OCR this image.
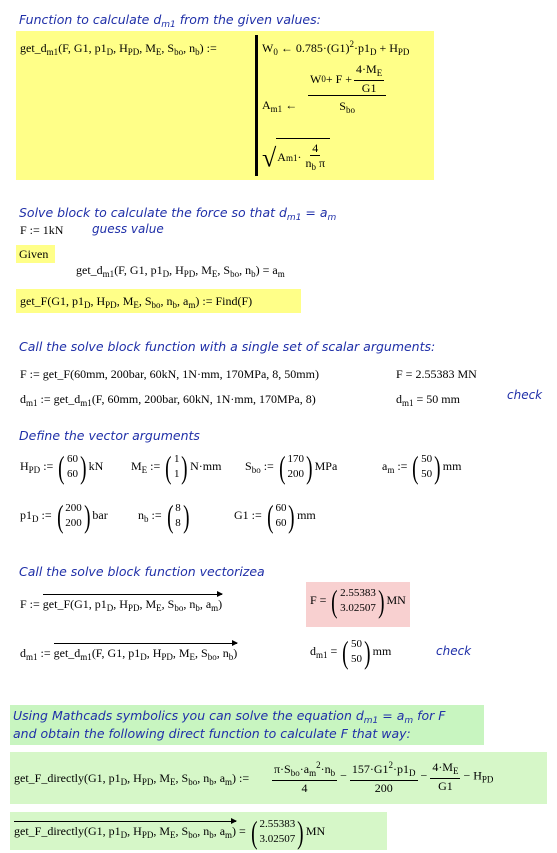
Function to calculate $d_{m1}$ from the given values:
$get\_d_{m1}(F$, G1, $p1_D$, $H_{PD}$, $M_E$, $S_{bo}$, $n_b$) :=	$W_0$ ← $0.785\cdot(G1)^2\cdot p1_D + H_{PD}$
$A_{m1}$ ← $\frac{W 0 + F + \frac{4\cdot M_E}{G1}}{S_{bo}}$
√A $m1 \cdot \frac{4}{n_b \pi}$
Solve block to calculate the force so that $d_{m1} = a_m$
F := 1kN guess value
Given
$get\_d_{m1}(F$, G1, $p1_D$, $H_{PD}$, $M_E$, $S_{bo}$, $n_b) = a_m$
get_F(G1, $p1_D$, $H_{PD}$, $M_E$, $S_{bo}$, $n_b$, $a_m$) := Find(F)
Call the solve block function with a single set of scalar arguments:
F := get_F(60mm, 200bar, 60kN, 1N·mm, 170MPa, 8, 50mm)	F = 2.55383 MN
$d_{m1}$ := $get\_d_{m1}(F$, 60mm, 200bar, 60kN, 1N·mm, 170MPa, 8)	$d_{m1} = 50$ mm	check
Define the vector arguments
$H_{PD}$ := ( 60
60 ) kN $M_E$ := ( 1
1 ) N·mm $S_{bo}$ := ( 170
200 ) MPa	$a_m$ := ( 50
50 ) mm
$p1_D$ := ( 200
200 ) bar	$n_b$ := ( 8
8 )	G1 := ( 60
60 ) mm
Call the solve block function vectorizea
F := get_F(G1, $p1_D$, $H_{PD}$, $M_E$, $S_{bo}$, $n_b$, $a_m$)	F = ( 2.55383
3.02507 ) MN
$d_{m1}$ := $get\_d_{m1}(F$, G1, $p1_D$, $H_{PD}$, $M_E$, $S_{bo}$, $n_b$)	$d_{m1}$ = ( 50
50 ) mm	check
Using Mathcads symbolics you can solve the equation $d_{m1} = a_m$ for F
and obtain the following direct function to calculate F that way:
get_F_directly(G1, $p1_D$, $H_{PD}$, $M_E$, $S_{bo}$, $n_b$, $a_m$) := $\frac{\pi\cdot S_{bo}\cdot a_m^2\cdot n_b}{4} - \frac{157\cdot G1^2\cdot p1_D}{200} - \frac{4\cdot M_E}{G1} - H_{PD}$
get_F_directly(G1, $p1_D$, $H_{PD}$, $M_E$, $S_{bo}$, $n_b$, $a_m$) = ( 2.55383
3.02507 ) MN
